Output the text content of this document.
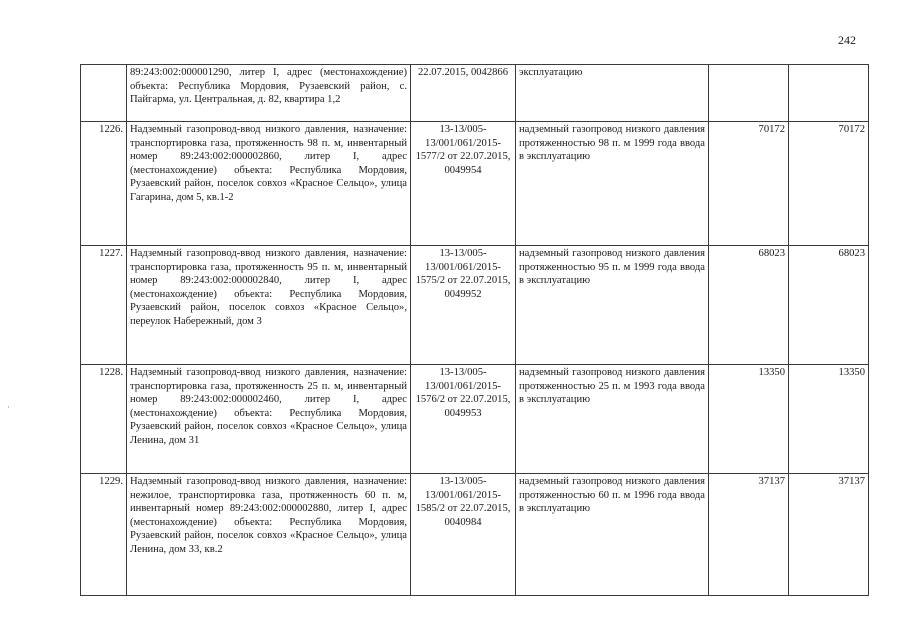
242
·
	89:243:002:000001290, литер I, адрес (местонахождение) объекта: Республика Мордовия, Рузаевский район, с. Пайгарма, ул. Центральная, д. 82, квартира 1,2	22.07.2015, 0042866	эксплуатацию		
1226.	Надземный газопровод-ввод низкого давления, назначение: транспортировка газа, протяженность 98 п. м, инвентарный номер 89:243:002:000002860, литер I, адрес (местонахождение) объекта: Республика Мордовия, Рузаевский район, поселок совхоз «Красное Сельцо», улица Гагарина, дом 5, кв.1-2	13-13/005-13/001/061/2015-1577/2 от 22.07.2015, 0049954	надземный газопровод низкого давления протяженностью 98 п. м 1999 года ввода в эксплуатацию	70172	70172
1227.	Надземный газопровод-ввод низкого давления, назначение: транспортировка газа, протяженность 95 п. м, инвентарный номер 89:243:002:000002840, литер I, адрес (местонахождение) объекта: Республика Мордовия, Рузаевский район, поселок совхоз «Красное Сельцо», переулок Набережный, дом 3	13-13/005-13/001/061/2015-1575/2 от 22.07.2015, 0049952	надземный газопровод низкого давления протяженностью 95 п. м 1999 года ввода в эксплуатацию	68023	68023
1228.	Надземный газопровод-ввод низкого давления, назначение: транспортировка газа, протяженность 25 п. м, инвентарный номер 89:243:002:000002460, литер I, адрес (местонахождение) объекта: Республика Мордовия, Рузаевский район, поселок совхоз «Красное Сельцо», улица Ленина, дом 31	13-13/005-13/001/061/2015-1576/2 от 22.07.2015, 0049953	надземный газопровод низкого давления протяженностью 25 п. м 1993 года ввода в эксплуатацию	13350	13350
1229.	Надземный газопровод-ввод низкого давления, назначение: нежилое, транспортировка газа, протяженность 60 п. м, инвентарный номер 89:243:002:000002880, литер I, адрес (местонахождение) объекта: Республика Мордовия, Рузаевский район, поселок совхоз «Красное Сельцо», улица Ленина, дом 33, кв.2	13-13/005-13/001/061/2015-1585/2 от 22.07.2015, 0040984	надземный газопровод низкого давления протяженностью 60 п. м 1996 года ввода в эксплуатацию	37137	37137
